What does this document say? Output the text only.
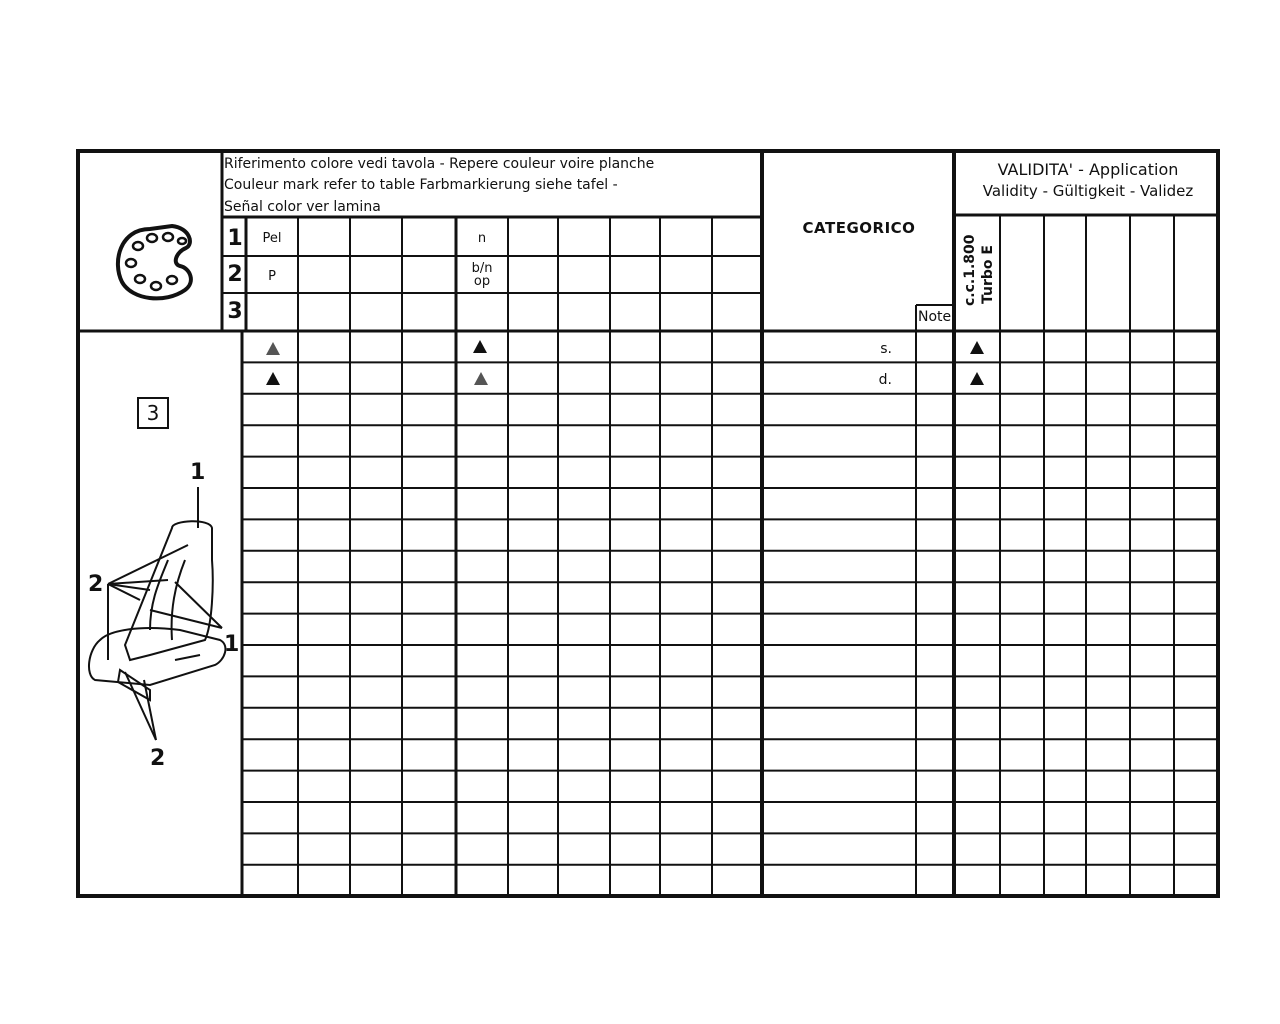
Riferimento colore vedi tavola - Repere couleur voire planche
Couleur mark refer to table Farbmarkierung siehe tafel -
Señal color ver lamina
1
2
3
Pel
P
n
b/n
op
CATEGORICO
Note
s.
d.
VALIDITA' - Application
Validity - Gültigkeit - Validez
c.c.1.800 Turbo E
3
1
2
1
2
